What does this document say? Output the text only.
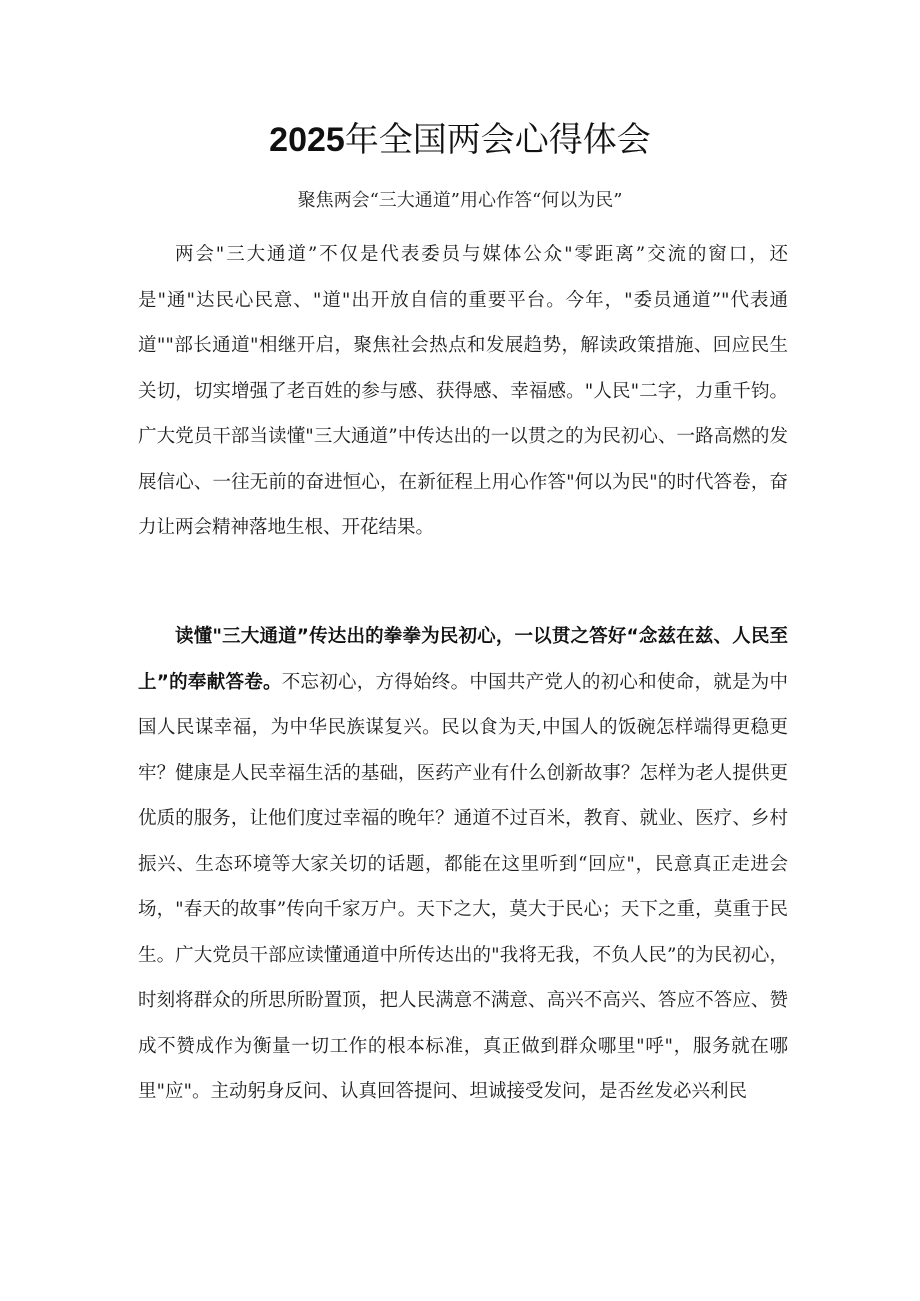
2025年全国两会心得体会

聚焦两会“三大通道”用心作答“何以为民”

两会"三大通道”不仅是代表委员与媒体公众"零距离”交流的窗口，还是"通"达民心民意、"道"出开放自信的重要平台。今年，"委员通道”"代表通道""部长通道"相继开启，聚焦社会热点和发展趋势，解读政策措施、回应民生关切，切实增强了老百姓的参与感、获得感、幸福感。"人民"二字，力重千钧。广大党员干部当读懂"三大通道”中传达出的一以贯之的为民初心、一路高燃的发展信心、一往无前的奋进恒心，在新征程上用心作答"何以为民"的时代答卷，奋力让两会精神落地生根、开花结果。

读懂"三大通道”传达出的拳拳为民初心，一以贯之答好“念兹在兹、人民至上”的奉献答卷。不忘初心，方得始终。中国共产党人的初心和使命，就是为中国人民谋幸福，为中华民族谋复兴。民以食为天,中国人的饭碗怎样端得更稳更牢？健康是人民幸福生活的基础，医药产业有什么创新故事？怎样为老人提供更优质的服务，让他们度过幸福的晚年？通道不过百米，教育、就业、医疗、乡村振兴、生态环境等大家关切的话题，都能在这里听到“回应"，民意真正走进会场，"春天的故事”传向千家万户。天下之大，莫大于民心；天下之重，莫重于民生。广大党员干部应读懂通道中所传达出的"我将无我，不负人民”的为民初心，时刻将群众的所思所盼置顶，把人民满意不满意、高兴不高兴、答应不答应、赞成不赞成作为衡量一切工作的根本标准，真正做到群众哪里"呼"，服务就在哪里"应"。主动躬身反问、认真回答提问、坦诚接受发问，是否丝发必兴利民
